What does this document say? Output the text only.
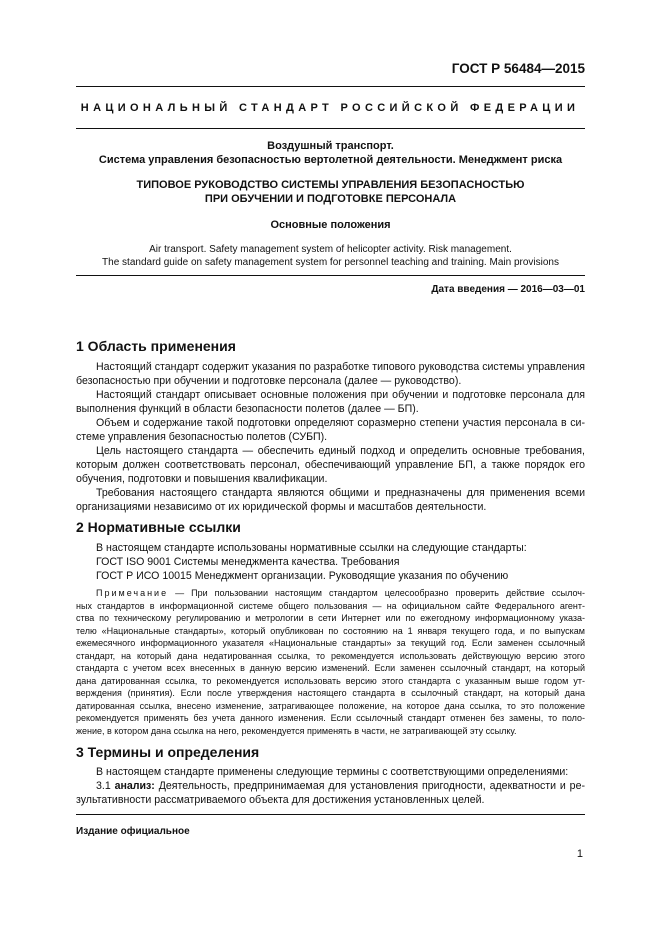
ГОСТ Р 56484—2015
НАЦИОНАЛЬНЫЙ СТАНДАРТ РОССИЙСКОЙ ФЕДЕРАЦИИ
Воздушный транспорт.
Система управления безопасностью вертолетной деятельности. Менеджмент риска
ТИПОВОЕ РУКОВОДСТВО СИСТЕМЫ УПРАВЛЕНИЯ БЕЗОПАСНОСТЬЮ
ПРИ ОБУЧЕНИИ И ПОДГОТОВКЕ ПЕРСОНАЛА
Основные положения
Air transport. Safety management system of helicopter activity. Risk management.
The standard guide on safety management system for personnel teaching and training. Main provisions
Дата введения — 2016—03—01
1 Область применения
Настоящий стандарт содержит указания по разработке типового руководства системы управления
безопасностью при обучении и подготовке персонала (далее — руководство).
Настоящий стандарт описывает основные положения при обучении и подготовке персонала для
выполнения функций в области безопасности полетов (далее — БП).
Объем и содержание такой подготовки определяют соразмерно степени участия персонала в си-
стеме управления безопасностью полетов (СУБП).
Цель настоящего стандарта — обеспечить единый подход и определить основные требования,
которым должен соответствовать персонал, обеспечивающий управление БП, а также порядок его
обучения, подготовки и повышения квалификации.
Требования настоящего стандарта являются общими и предназначены для применения всеми
организациями независимо от их юридической формы и масштабов деятельности.
2 Нормативные ссылки
В настоящем стандарте использованы нормативные ссылки на следующие стандарты:
ГОСТ ISO 9001 Системы менеджмента качества. Требования
ГОСТ Р ИСО 10015 Менеджмент организации. Руководящие указания по обучению
Примечание — При пользовании настоящим стандартом целесообразно проверить действие ссылоч-
ных стандартов в информационной системе общего пользования — на официальном сайте Федерального агент-
ства по техническому регулированию и метрологии в сети Интернет или по ежегодному информационному указа-
телю «Национальные стандарты», который опубликован по состоянию на 1 января текущего года, и по выпускам
ежемесячного информационного указателя «Национальные стандарты» за текущий год. Если заменен ссылочный
стандарт, на который дана недатированная ссылка, то рекомендуется использовать действующую версию этого
стандарта с учетом всех внесенных в данную версию изменений. Если заменен ссылочный стандарт, на который
дана датированная ссылка, то рекомендуется использовать версию этого стандарта с указанным выше годом ут-
верждения (принятия). Если после утверждения настоящего стандарта в ссылочный стандарт, на который дана
датированная ссылка, внесено изменение, затрагивающее положение, на которое дана ссылка, то это положение
рекомендуется применять без учета данного изменения. Если ссылочный стандарт отменен без замены, то поло-
жение, в котором дана ссылка на него, рекомендуется применять в части, не затрагивающей эту ссылку.
3 Термины и определения
В настоящем стандарте применены следующие термины с соответствующими определениями:
3.1 анализ: Деятельность, предпринимаемая для установления пригодности, адекватности и ре-
зультативности рассматриваемого объекта для достижения установленных целей.
Издание официальное
1
